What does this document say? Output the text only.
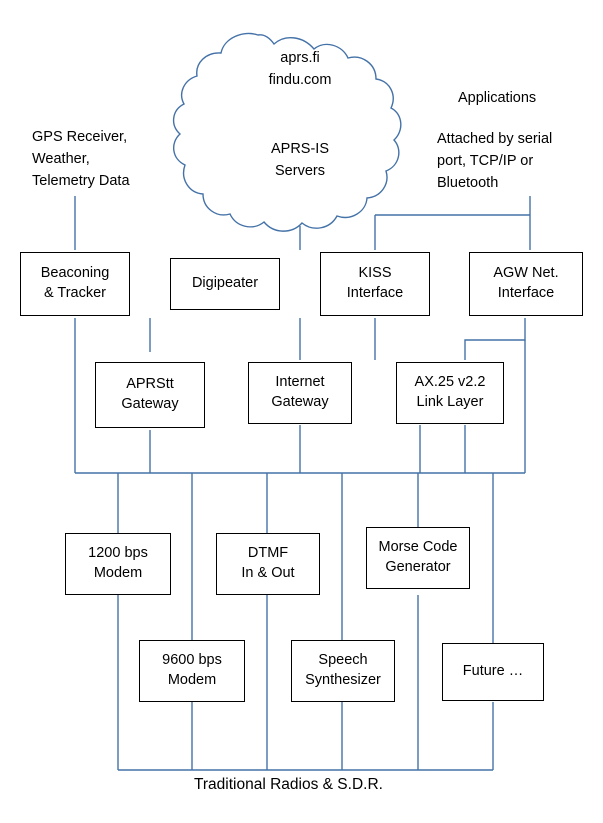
aprs.fi
findu.com
APRS-IS
Servers
GPS Receiver,
Weather,
Telemetry Data
Applications
Attached by serial
port, TCP/IP or
Bluetooth
Beaconing
& Tracker
Digipeater
KISS
Interface
AGW Net.
Interface
APRStt
Gateway
Internet
Gateway
AX.25 v2.2
Link Layer
1200 bps
Modem
DTMF
In & Out
Morse Code
Generator
9600 bps
Modem
Speech
Synthesizer
Future …
Traditional Radios & S.D.R.
